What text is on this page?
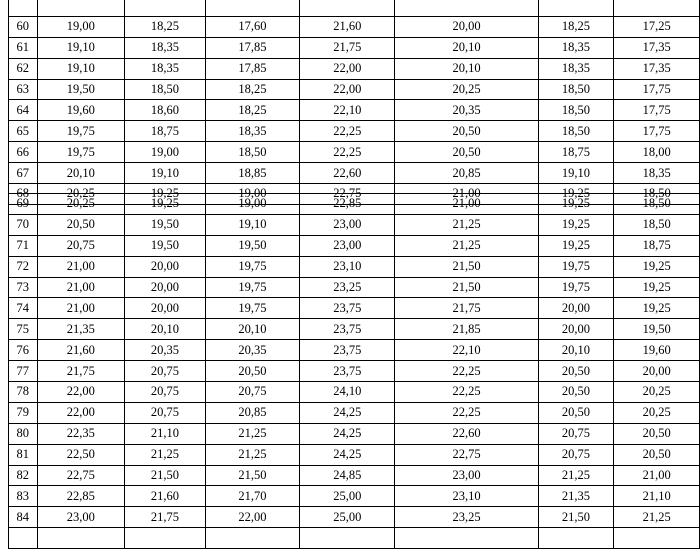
60	19,00	18,25	17,60	21,60	20,00	18,25	17,25
61	19,10	18,35	17,85	21,75	20,10	18,35	17,35
62	19,10	18,35	17,85	22,00	20,10	18,35	17,35
63	19,50	18,50	18,25	22,00	20,25	18,50	17,75
64	19,60	18,60	18,25	22,10	20,35	18,50	17,75
65	19,75	18,75	18,35	22,25	20,50	18,50	17,75
66	19,75	19,00	18,50	22,25	20,50	18,75	18,00
67	20,10	19,10	18,85	22,60	20,85	19,10	18,35
68	20,25	19,25	19,00	22,75	21,00	19,25	18,50
69	20,25	19,25	19,00	22,85	21,00	19,25	18,50
70	20,50	19,50	19,10	23,00	21,25	19,25	18,50
71	20,75	19,50	19,50	23,00	21,25	19,25	18,75
72	21,00	20,00	19,75	23,10	21,50	19,75	19,25
73	21,00	20,00	19,75	23,25	21,50	19,75	19,25
74	21,00	20,00	19,75	23,75	21,75	20,00	19,25
75	21,35	20,10	20,10	23,75	21,85	20,00	19,50
76	21,60	20,35	20,35	23,75	22,10	20,10	19,60
77	21,75	20,75	20,50	23,75	22,25	20,50	20,00
78	22,00	20,75	20,75	24,10	22,25	20,50	20,25
79	22,00	20,75	20,85	24,25	22,25	20,50	20,25
80	22,35	21,10	21,25	24,25	22,60	20,75	20,50
81	22,50	21,25	21,25	24,25	22,75	20,75	20,50
82	22,75	21,50	21,50	24,85	23,00	21,25	21,00
83	22,85	21,60	21,70	25,00	23,10	21,35	21,10
84	23,00	21,75	22,00	25,00	23,25	21,50	21,25
